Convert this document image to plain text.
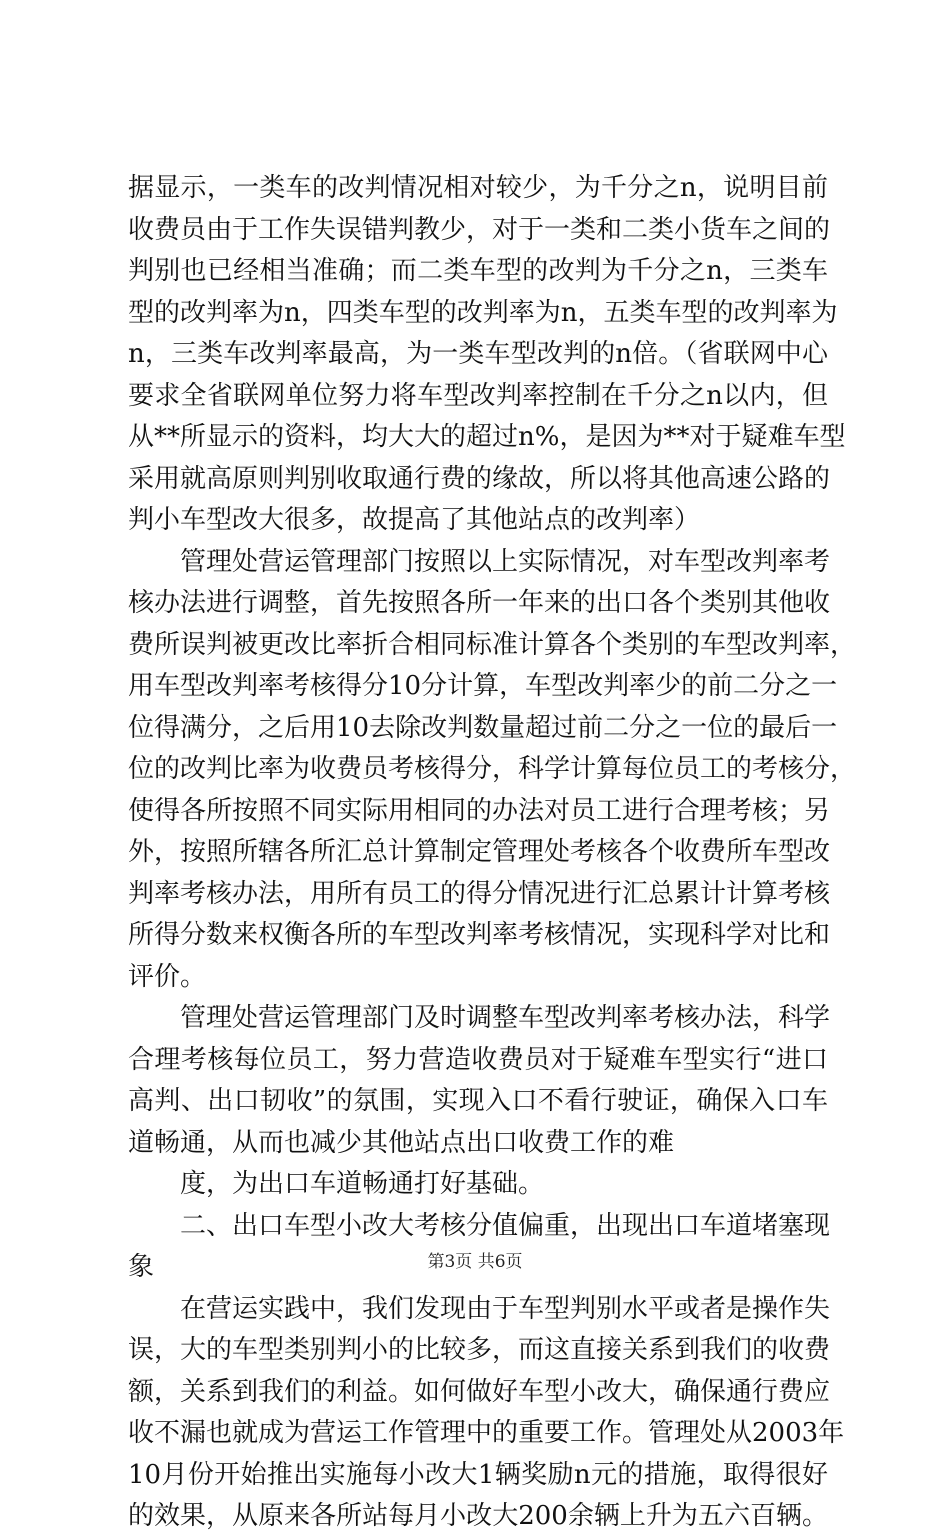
据显示，一类车的改判情况相对较少，为千分之n，说明目前
收费员由于工作失误错判教少，对于一类和二类小货车之间的
判别也已经相当准确；而二类车型的改判为千分之n，三类车
型的改判率为n，四类车型的改判率为n，五类车型的改判率为
n，三类车改判率最高，为一类车型改判的n倍。（省联网中心
要求全省联网单位努力将车型改判率控制在千分之n以内，但
从**所显示的资料，均大大的超过n%，是因为**对于疑难车型
采用就高原则判别收取通行费的缘故，所以将其他高速公路的
判小车型改大很多，故提高了其他站点的改判率）
管理处营运管理部门按照以上实际情况，对车型改判率考
核办法进行调整，首先按照各所一年来的出口各个类别其他收
费所误判被更改比率折合相同标准计算各个类别的车型改判率，
用车型改判率考核得分10分计算，车型改判率少的前二分之一
位得满分，之后用10去除改判数量超过前二分之一位的最后一
位的改判比率为收费员考核得分，科学计算每位员工的考核分，
使得各所按照不同实际用相同的办法对员工进行合理考核；另
外，按照所辖各所汇总计算制定管理处考核各个收费所车型改
判率考核办法，用所有员工的得分情况进行汇总累计计算考核
所得分数来权衡各所的车型改判率考核情况，实现科学对比和
评价。
管理处营运管理部门及时调整车型改判率考核办法，科学
合理考核每位员工，努力营造收费员对于疑难车型实行“进口
高判、出口韧收”的氛围，实现入口不看行驶证，确保入口车
道畅通，从而也减少其他站点出口收费工作的难
度，为出口车道畅通打好基础。
二、出口车型小改大考核分值偏重，出现出口车道堵塞现
象
在营运实践中，我们发现由于车型判别水平或者是操作失
误，大的车型类别判小的比较多，而这直接关系到我们的收费
额，关系到我们的利益。如何做好车型小改大，确保通行费应
收不漏也就成为营运工作管理中的重要工作。管理处从2003年
10月份开始推出实施每小改大1辆奖励n元的措施，取得很好
的效果，从原来各所站每月小改大200余辆上升为五六百辆。
第3页 共6页
